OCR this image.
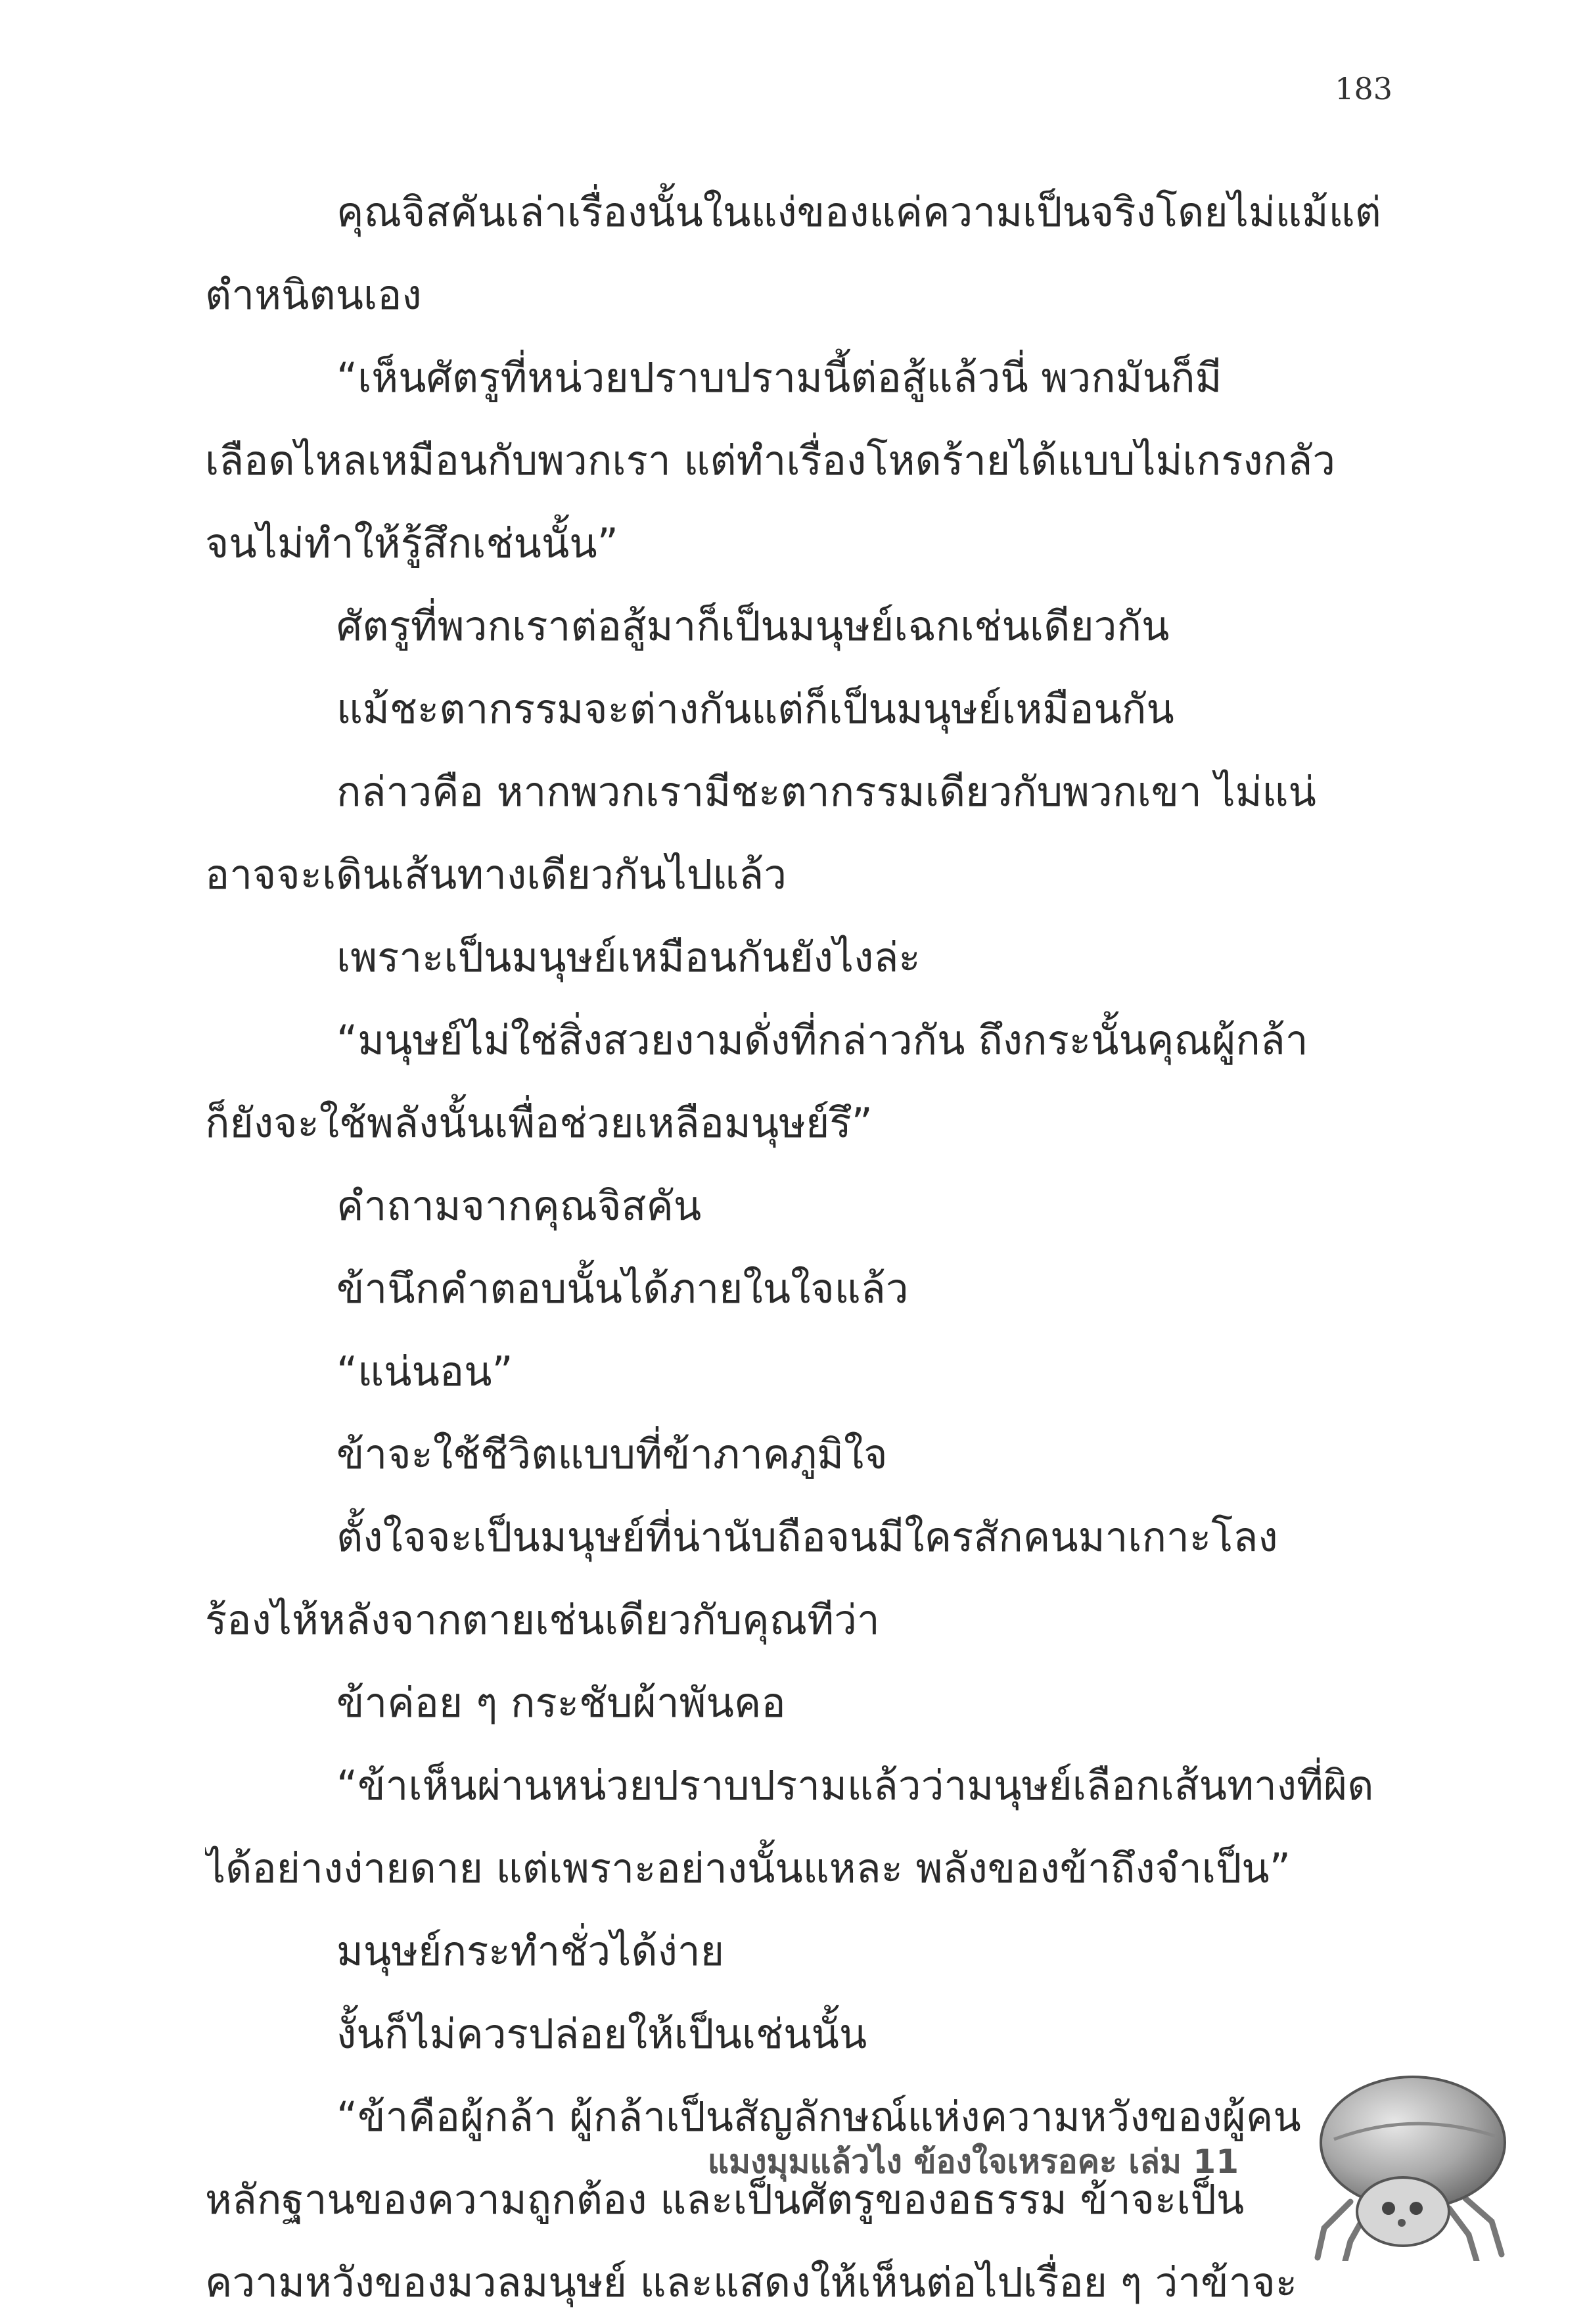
183
คุณจิสคันเล่าเรื่องนั้นในแง่ของแค่ความเป็นจริงโดยไม่แม้แต่
ตำหนิตนเอง
“เห็นศัตรูที่หน่วยปราบปรามนี้ต่อสู้แล้วนี่ พวกมันก็มี
เลือดไหลเหมือนกับพวกเรา แต่ทำเรื่องโหดร้ายได้แบบไม่เกรงกลัว
จนไม่ทำให้รู้สึกเช่นนั้น”
ศัตรูที่พวกเราต่อสู้มาก็เป็นมนุษย์เฉกเช่นเดียวกัน
แม้ชะตากรรมจะต่างกันแต่ก็เป็นมนุษย์เหมือนกัน
กล่าวคือ หากพวกเรามีชะตากรรมเดียวกับพวกเขา ไม่แน่
อาจจะเดินเส้นทางเดียวกันไปแล้ว
เพราะเป็นมนุษย์เหมือนกันยังไงล่ะ
“มนุษย์ไม่ใช่สิ่งสวยงามดั่งที่กล่าวกัน ถึงกระนั้นคุณผู้กล้า
ก็ยังจะใช้พลังนั้นเพื่อช่วยเหลือมนุษย์รึ”
คำถามจากคุณจิสคัน
ข้านึกคำตอบนั้นได้ภายในใจแล้ว
“แน่นอน”
ข้าจะใช้ชีวิตแบบที่ข้าภาคภูมิใจ
ตั้งใจจะเป็นมนุษย์ที่น่านับถือจนมีใครสักคนมาเกาะโลง
ร้องไห้หลังจากตายเช่นเดียวกับคุณทีว่า
ข้าค่อย ๆ กระชับผ้าพันคอ
“ข้าเห็นผ่านหน่วยปราบปรามแล้วว่ามนุษย์เลือกเส้นทางที่ผิด
ได้อย่างง่ายดาย แต่เพราะอย่างนั้นแหละ พลังของข้าถึงจำเป็น”
มนุษย์กระทำชั่วได้ง่าย
งั้นก็ไม่ควรปล่อยให้เป็นเช่นนั้น
“ข้าคือผู้กล้า ผู้กล้าเป็นสัญลักษณ์แห่งความหวังของผู้คน
หลักฐานของความถูกต้อง และเป็นศัตรูของอธรรม ข้าจะเป็น
ความหวังของมวลมนุษย์ และแสดงให้เห็นต่อไปเรื่อย ๆ ว่าข้าจะ
แมงมุมแล้วไง ข้องใจเหรอคะ เล่ม 11
